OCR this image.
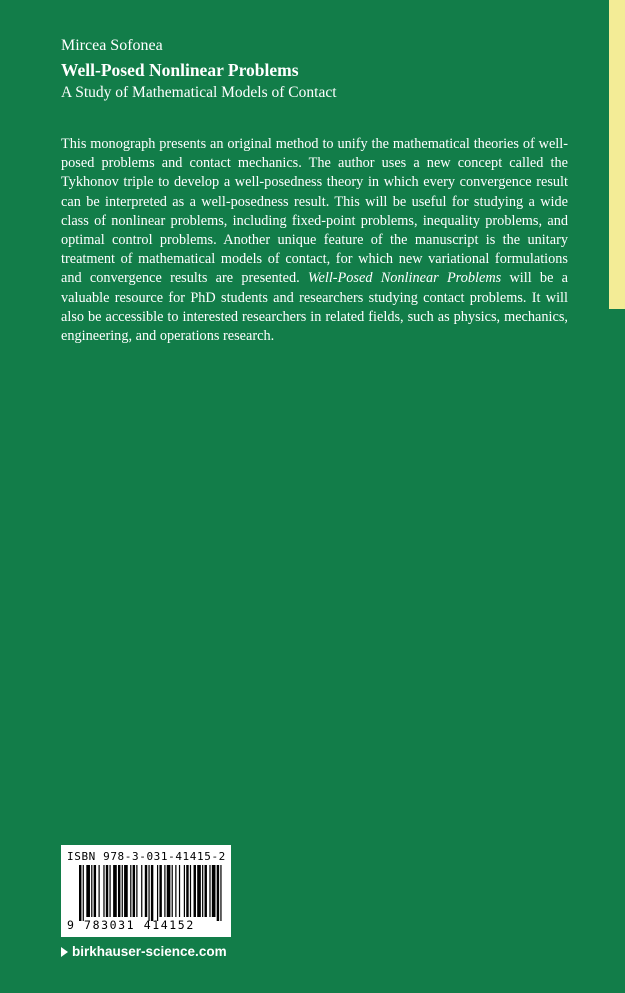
Mircea Sofonea
Well-Posed Nonlinear Problems
A Study of Mathematical Models of Contact
This monograph presents an original method to unify the mathematical theories of well-posed problems and contact mechanics. The author uses a new concept called the Tykhonov triple to develop a well-posedness theory in which every convergence result can be interpreted as a well-posedness result. This will be useful for studying a wide class of nonlinear problems, including fixed-point problems, inequality problems, and optimal control problems. Another unique feature of the manuscript is the unitary treatment of mathematical models of contact, for which new variational formulations and convergence results are presented. Well-Posed Nonlinear Problems will be a valuable resource for PhD students and researchers studying contact problems. It will also be accessible to interested researchers in related fields, such as physics, mechanics, engineering, and operations research.
ISBN 978-3-031-41415-2
9 783031 414152
birkhauser-science.com
